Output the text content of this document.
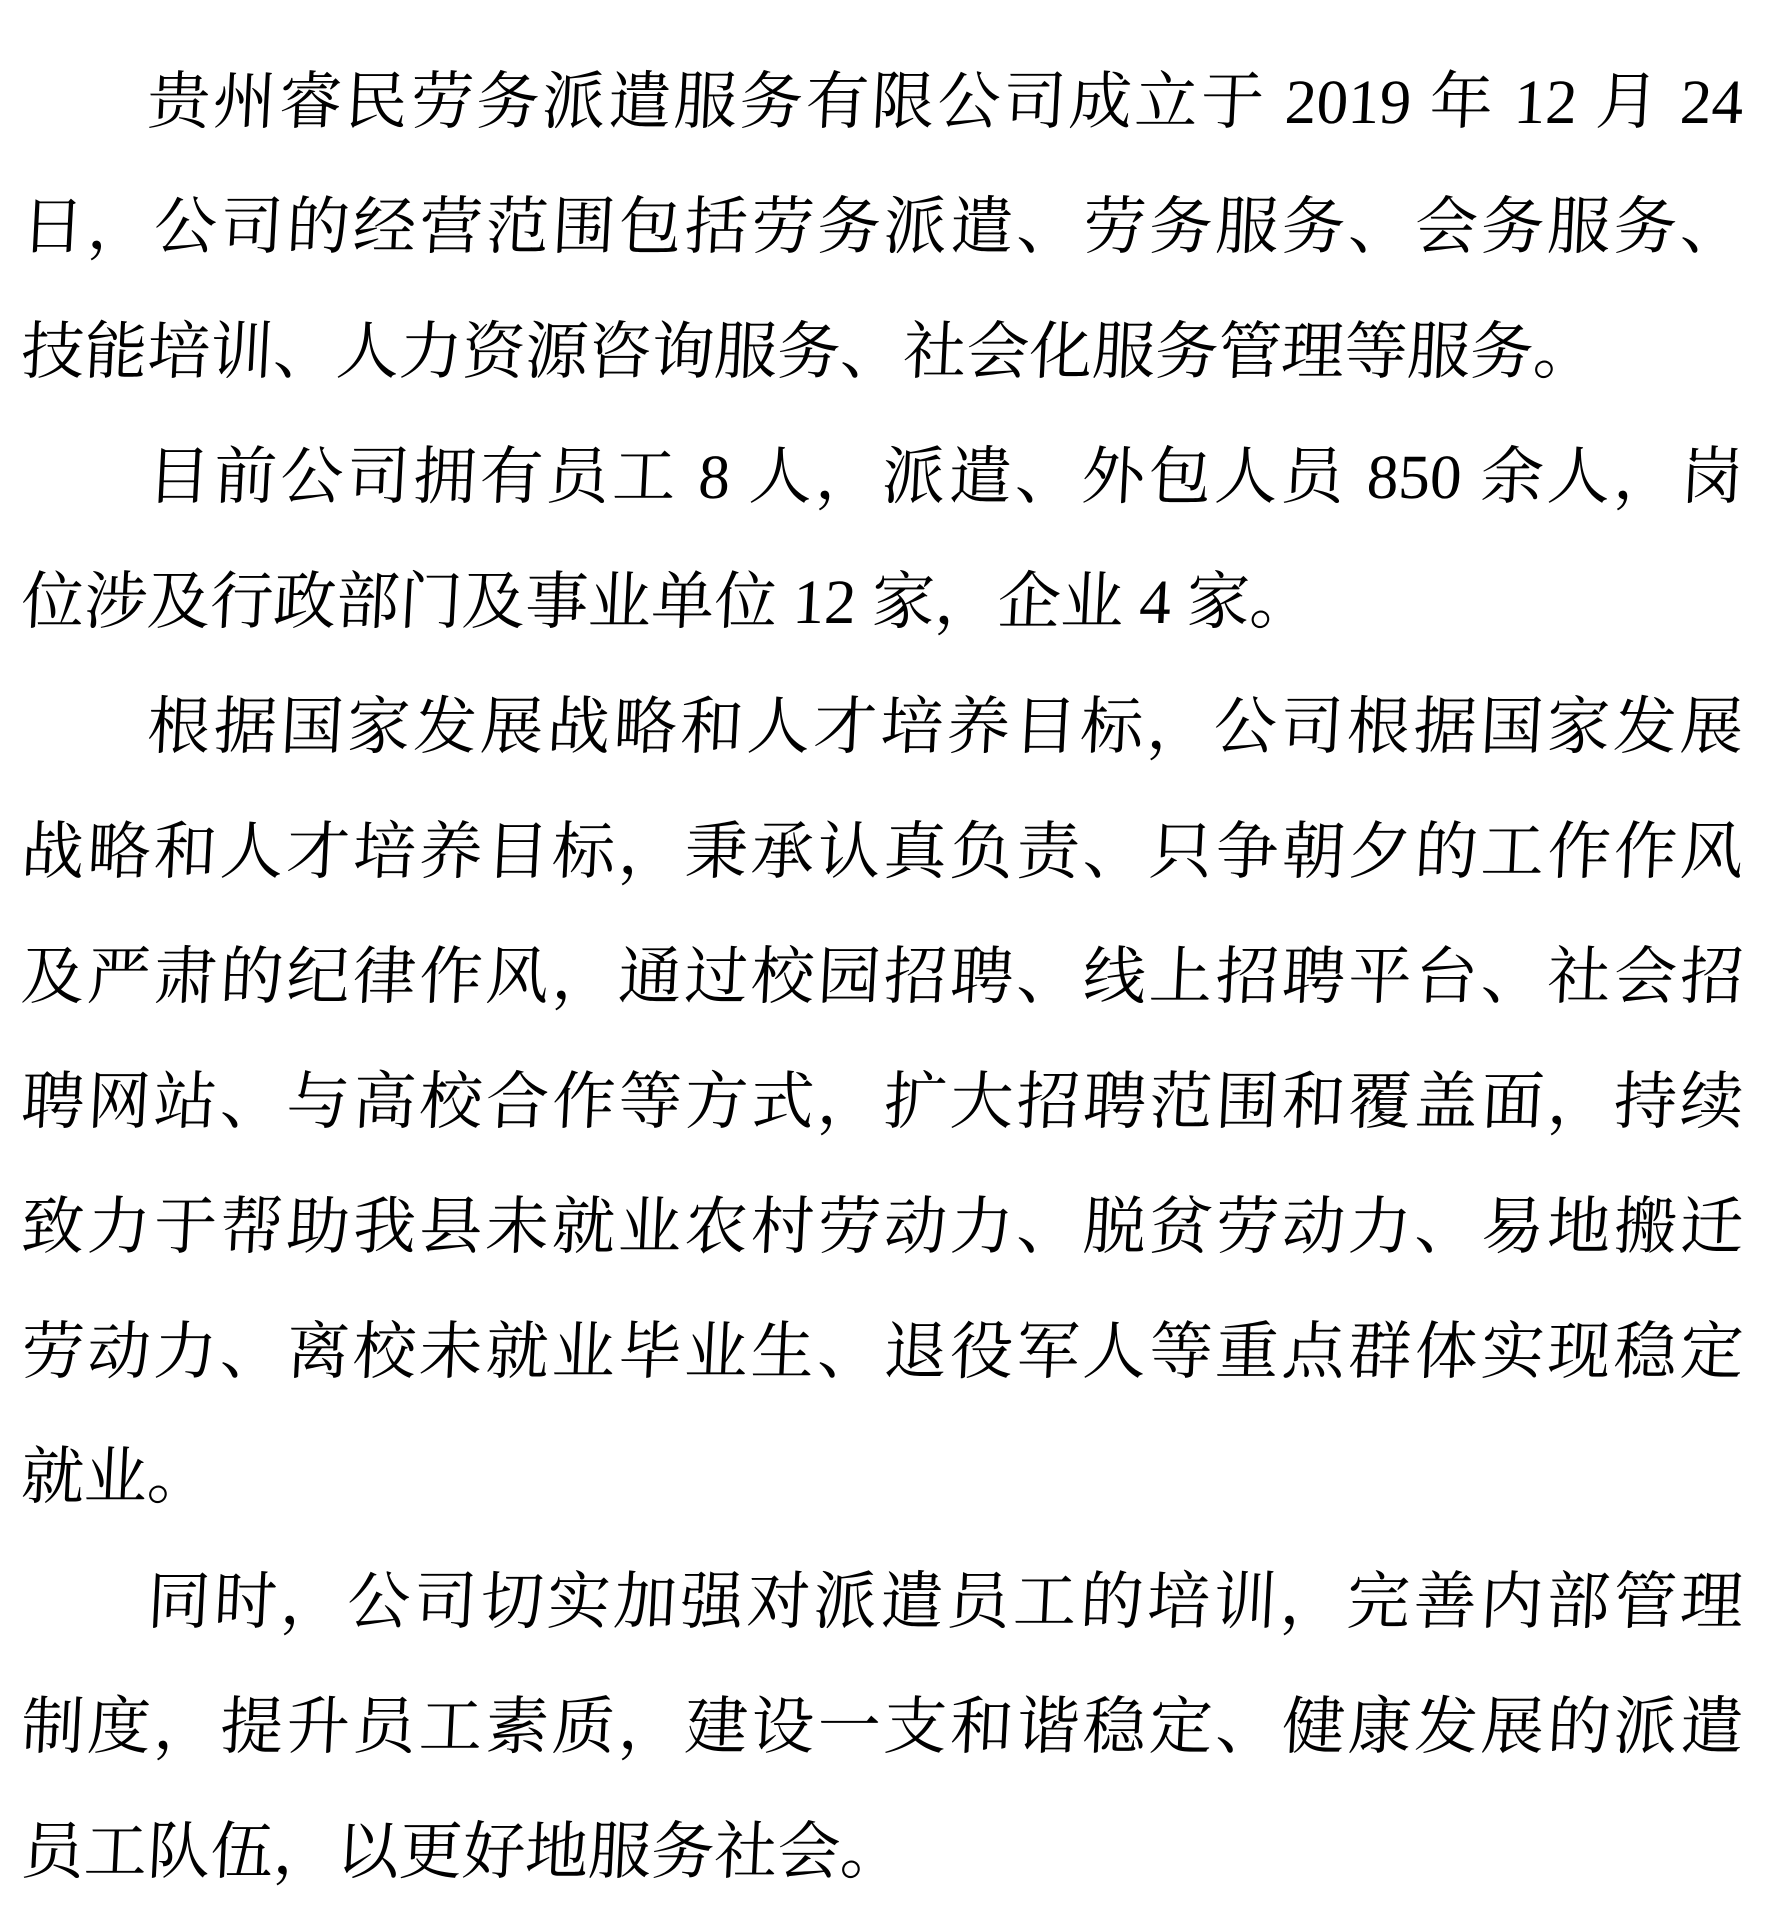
贵州睿民劳务派遣服务有限公司成立于 2019 年 12 月 24
日，公司的经营范围包括劳务派遣、劳务服务、会务服务、
技能培训、人力资源咨询服务、社会化服务管理等服务。
目前公司拥有员工 8 人，派遣、外包人员 850 余人，岗
位涉及行政部门及事业单位 12 家，企业 4 家。
根据国家发展战略和人才培养目标，公司根据国家发展
战略和人才培养目标，秉承认真负责、只争朝夕的工作作风
及严肃的纪律作风，通过校园招聘、线上招聘平台、社会招
聘网站、与高校合作等方式，扩大招聘范围和覆盖面，持续
致力于帮助我县未就业农村劳动力、脱贫劳动力、易地搬迁
劳动力、离校未就业毕业生、退役军人等重点群体实现稳定
就业。
同时，公司切实加强对派遣员工的培训，完善内部管理
制度，提升员工素质，建设一支和谐稳定、健康发展的派遣
员工队伍，以更好地服务社会。
